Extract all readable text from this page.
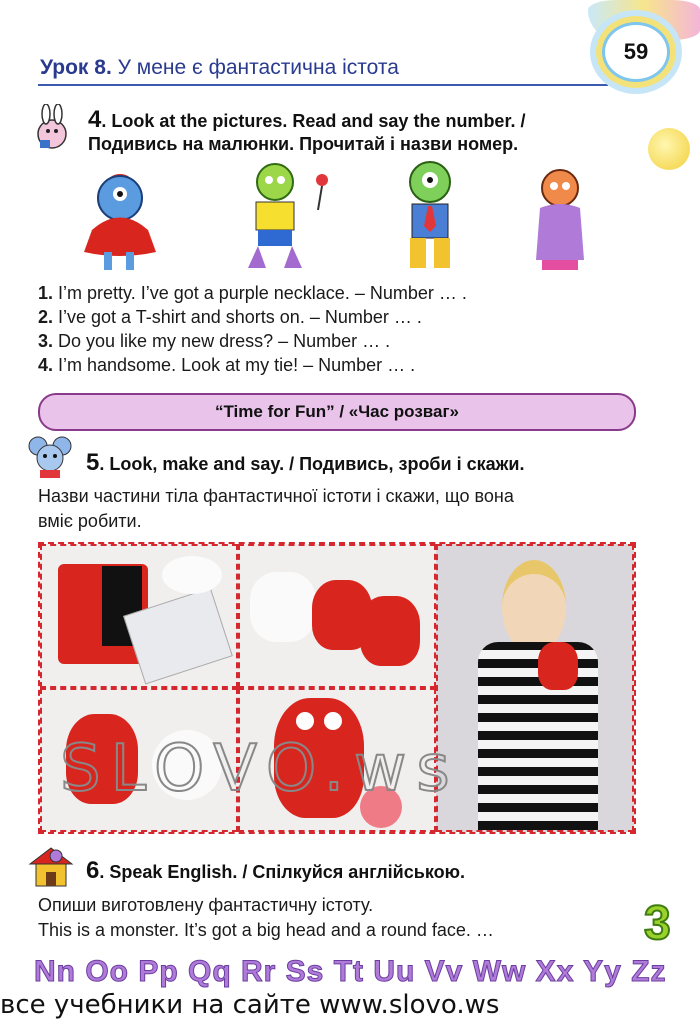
Урок 8. У мене є фантастична істота
59
4. Look at the pictures. Read and say the number. /
Подивись на малюнки. Прочитай і назви номер.
1. I’m pretty. I’ve got a purple necklace. – Number … .
2. I’ve got a T-shirt and shorts on. – Number … .
3. Do you like my new dress? – Number … .
4. I’m handsome. Look at my tie! – Number … .
“Time for Fun” / «Час розваг»
5. Look, make and say. / Подивись, зроби і скажи.
Назви частини тіла фантастичної істоти і скажи, що вона
вміє робити.
SLOVO.ws
6. Speak English. / Спілкуйся англійською.
Опиши виготовлену фантастичну істоту.
This is a monster. It’s got a big head and a round face. …	3
Nn Oo Pp Qq Rr Ss Tt Uu Vv Ww Xx Yy Zz
все учебники на сайте www.slovo.ws
